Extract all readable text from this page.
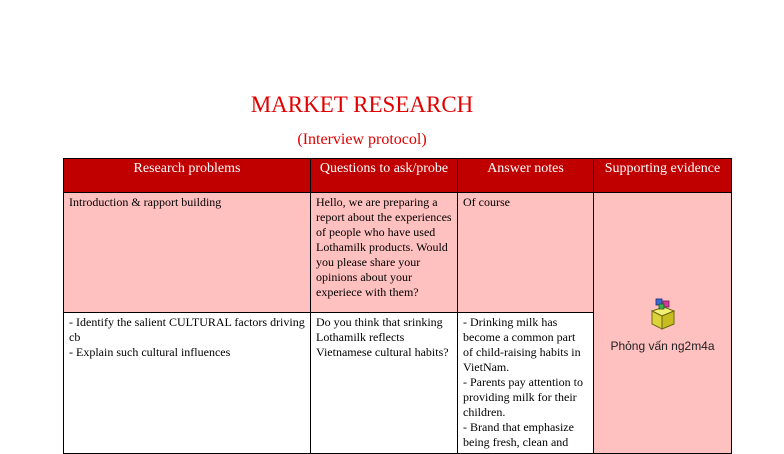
MARKET RESEARCH
(Interview protocol)
Research problems	Questions to ask/probe	Answer notes	Supporting evidence

Introduction & rapport building	Hello, we are preparing a report about the experiences of people who have used Lothamilk products. Would you please share your opinions about your experiece with them?	Of course	Phỏng vấn ng2m4a

- Identify the salient CULTURAL factors driving cb
- Explain such cultural influences	Do you think that srinking Lothamilk reflects Vietnamese cultural habits?	- Drinking milk has become a common part of child-raising habits in VietNam.
- Parents pay attention to providing milk for their children.
- Brand that emphasize being fresh, clean and	
